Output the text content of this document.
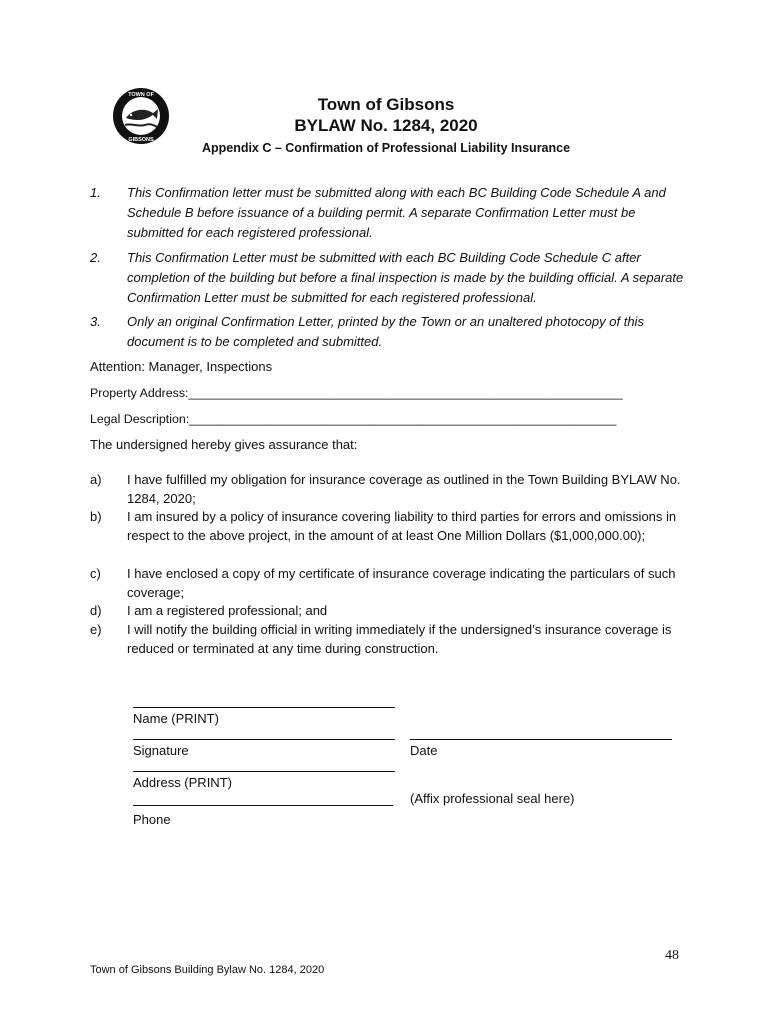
TOWN OF
GIBSONS
Town of Gibsons
BYLAW No. 1284, 2020
Appendix C – Confirmation of Professional Liability Insurance
1. This Confirmation letter must be submitted along with each BC Building Code Schedule A and Schedule B before issuance of a building permit. A separate Confirmation Letter must be submitted for each registered professional.
2. This Confirmation Letter must be submitted with each BC Building Code Schedule C after completion of the building but before a final inspection is made by the building official. A separate Confirmation Letter must be submitted for each registered professional.
3. Only an original Confirmation Letter, printed by the Town or an unaltered photocopy of this document is to be completed and submitted.
Attention: Manager, Inspections
Property Address:_______________________________________________________________
Legal Description:______________________________________________________________
The undersigned hereby gives assurance that:
a) I have fulfilled my obligation for insurance coverage as outlined in the Town Building BYLAW No. 1284, 2020;
b) I am insured by a policy of insurance covering liability to third parties for errors and omissions in respect to the above project, in the amount of at least One Million Dollars ($1,000,000.00);
c) I have enclosed a copy of my certificate of insurance coverage indicating the particulars of such coverage;
d) I am a registered professional; and
e) I will notify the building official in writing immediately if the undersigned’s insurance coverage is reduced or terminated at any time during construction.
Name (PRINT)
Signature	Date
Address (PRINT)
(Affix professional seal here)
Phone
48
Town of Gibsons Building Bylaw No. 1284, 2020
